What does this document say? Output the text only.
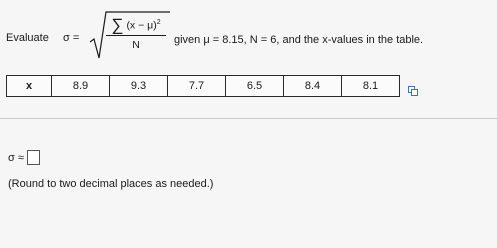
Evaluate σ =
∑ $(x - \mu)^2$
N	given μ = 8.15, N = 6, and the x-values in the table.
x	8.9	9.3	7.7	6.5	8.4	8.1
σ ≈
(Round to two decimal places as needed.)
